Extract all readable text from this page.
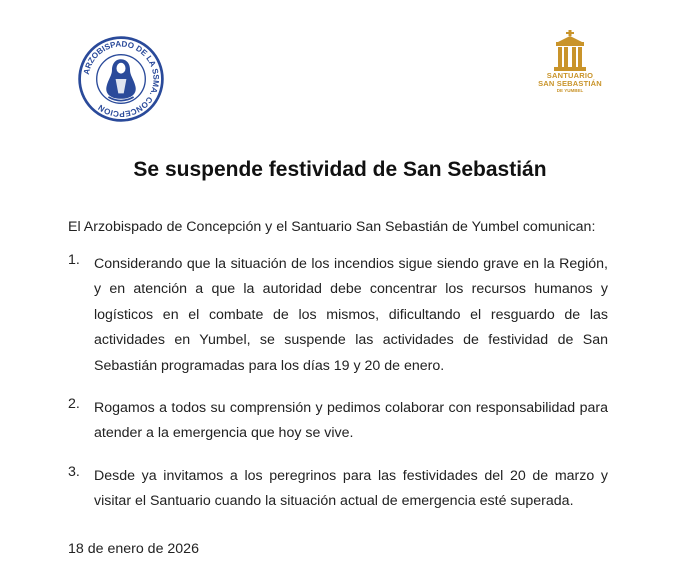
ARZOBISPADO DE LA SSMA. CONCEPCION
SANTUARIO
SAN SEBASTIÁN
DE YUMBEL
Se suspende festividad de San Sebastián
El Arzobispado de Concepción y el Santuario San Sebastián de Yumbel comunican:
1. Considerando que la situación de los incendios sigue siendo grave en la Región, y en atención a que la autoridad debe concentrar los recursos humanos y logísticos en el combate de los mismos, dificultando el resguardo de las actividades en Yumbel, se suspende las actividades de festividad de San Sebastián programadas para los días 19 y 20 de enero.
2. Rogamos a todos su comprensión y pedimos colaborar con responsabilidad para atender a la emergencia que hoy se vive.
3. Desde ya invitamos a los peregrinos para las festividades del 20 de marzo y visitar el Santuario cuando la situación actual de emergencia esté superada.
18 de enero de 2026
